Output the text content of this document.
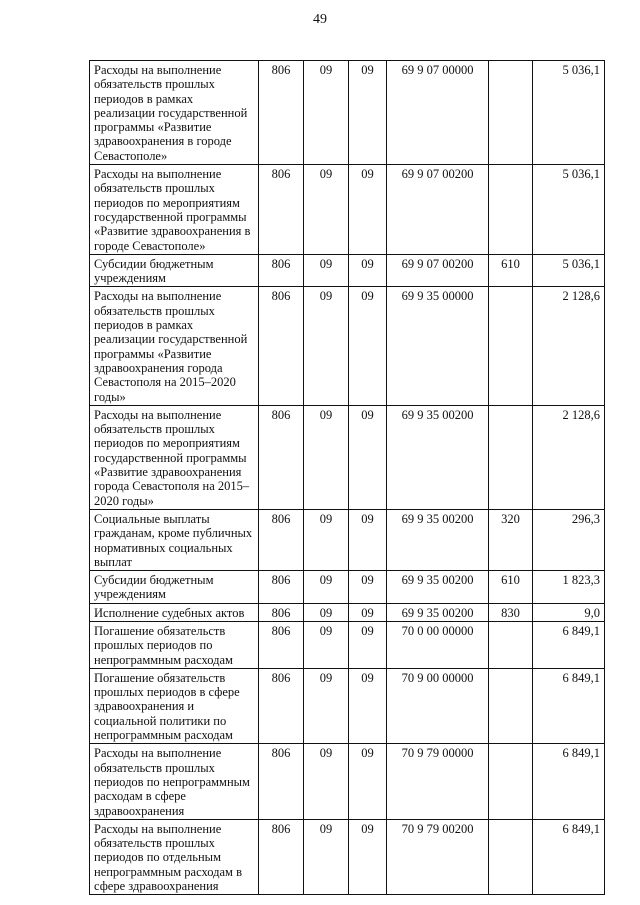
49
Расходы на выполнение обязательств прошлых периодов в рамках реализации государственной программы «Развитие здравоохранения в городе Севастополе»	806	09	09	69 9 07 00000		5 036,1
Расходы на выполнение обязательств прошлых периодов по мероприятиям государственной программы «Развитие здравоохранения в городе Севастополе»	806	09	09	69 9 07 00200		5 036,1
Субсидии бюджетным учреждениям	806	09	09	69 9 07 00200	610	5 036,1
Расходы на выполнение обязательств прошлых периодов в рамках реализации государственной программы «Развитие здравоохранения города Севастополя на 2015–2020 годы»	806	09	09	69 9 35 00000		2 128,6
Расходы на выполнение обязательств прошлых периодов по мероприятиям государственной программы «Развитие здравоохранения города Севастополя на 2015–2020 годы»	806	09	09	69 9 35 00200		2 128,6
Социальные выплаты гражданам, кроме публичных нормативных социальных выплат	806	09	09	69 9 35 00200	320	296,3
Субсидии бюджетным учреждениям	806	09	09	69 9 35 00200	610	1 823,3
Исполнение судебных актов	806	09	09	69 9 35 00200	830	9,0
Погашение обязательств прошлых периодов по непрограммным расходам	806	09	09	70 0 00 00000		6 849,1
Погашение обязательств прошлых периодов в сфере здравоохранения и социальной политики по непрограммным расходам	806	09	09	70 9 00 00000		6 849,1
Расходы на выполнение обязательств прошлых периодов по непрограммным расходам в сфере здравоохранения	806	09	09	70 9 79 00000		6 849,1
Расходы на выполнение обязательств прошлых периодов по отдельным непрограммным расходам в сфере здравоохранения	806	09	09	70 9 79 00200		6 849,1
